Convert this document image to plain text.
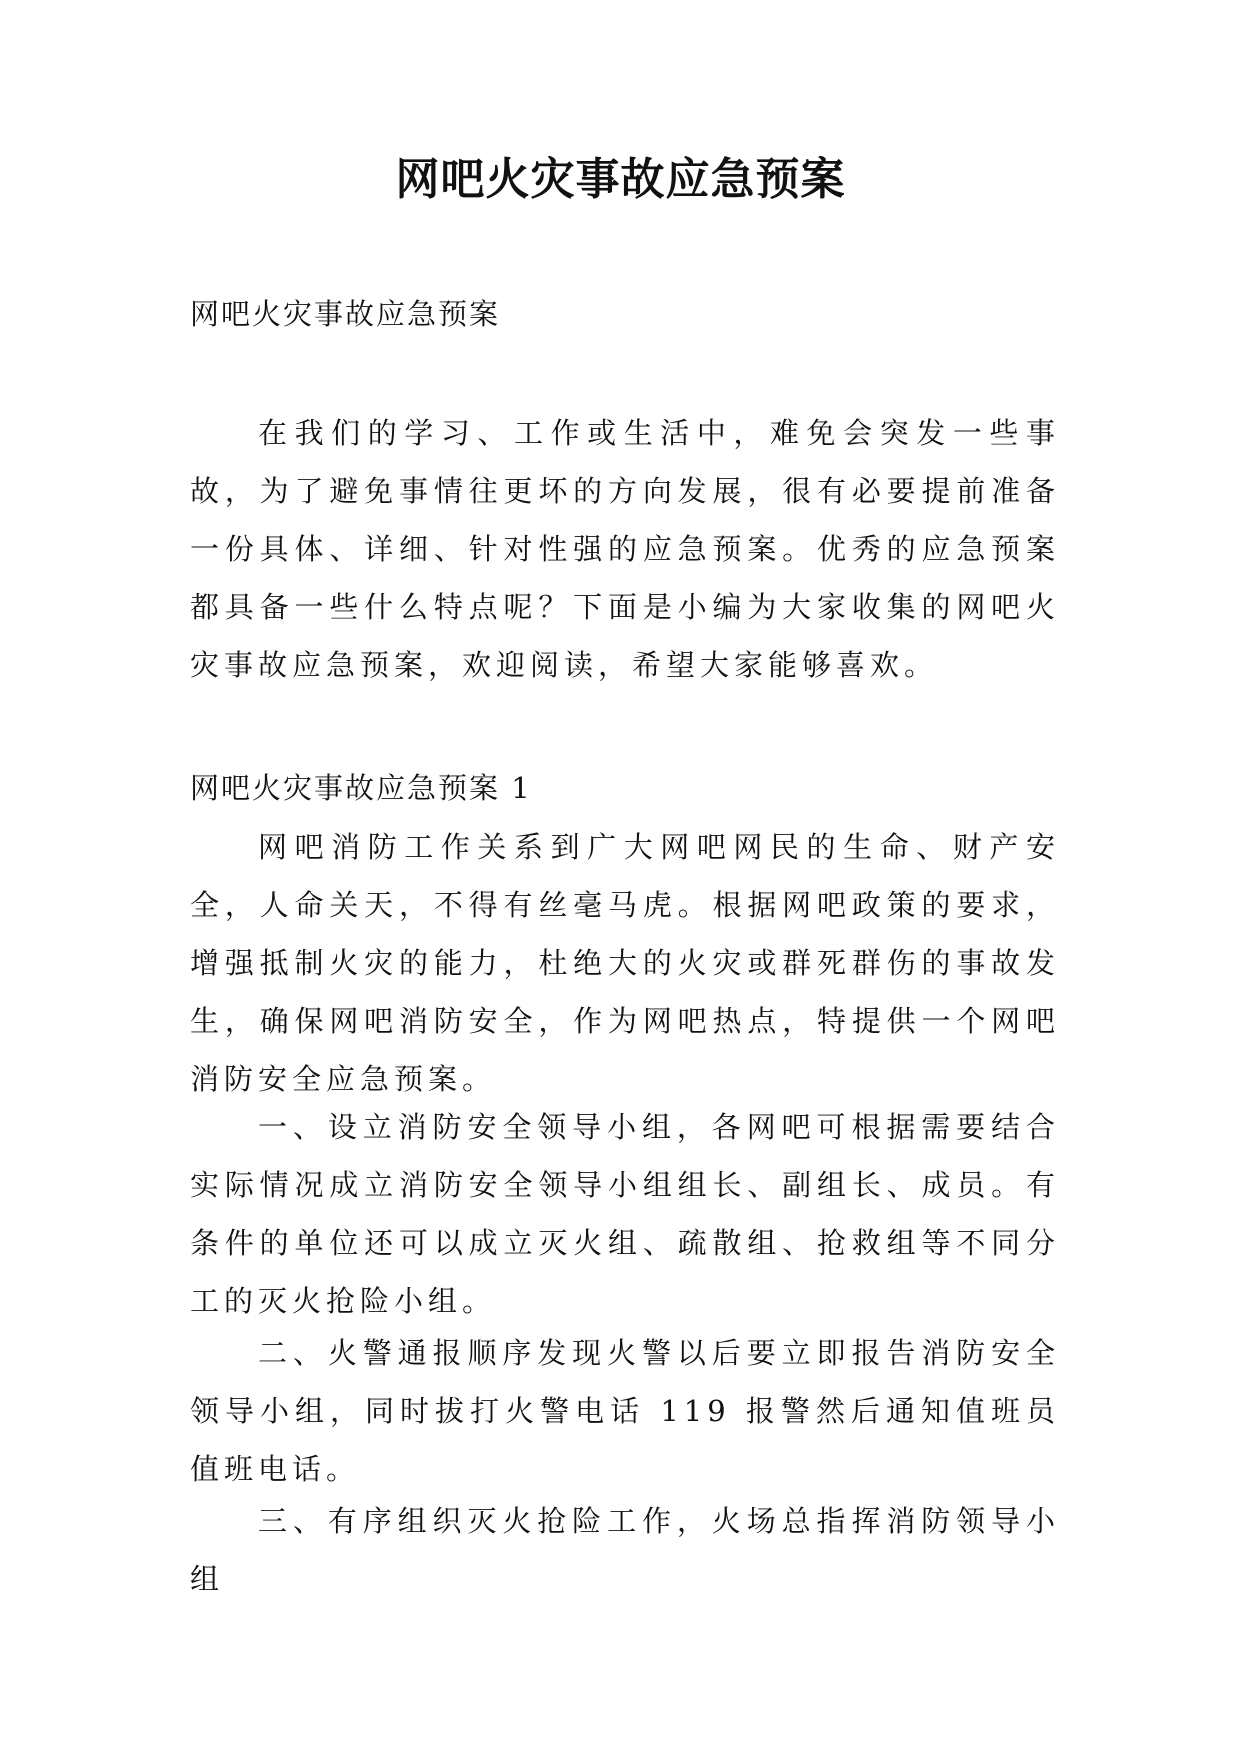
网吧火灾事故应急预案

网吧火灾事故应急预案

在我们的学习、工作或生活中，难免会突发一些事故，为了避免事情往更坏的方向发展，很有必要提前准备一份具体、详细、针对性强的应急预案。优秀的应急预案都具备一些什么特点呢？下面是小编为大家收集的网吧火灾事故应急预案，欢迎阅读，希望大家能够喜欢。

网吧火灾事故应急预案 1

网吧消防工作关系到广大网吧网民的生命、财产安全，人命关天，不得有丝毫马虎。根据网吧政策的要求，增强抵制火灾的能力，杜绝大的火灾或群死群伤的事故发生，确保网吧消防安全，作为网吧热点，特提供一个网吧消防安全应急预案。

一、设立消防安全领导小组，各网吧可根据需要结合实际情况成立消防安全领导小组组长、副组长、成员。有条件的单位还可以成立灭火组、疏散组、抢救组等不同分工的灭火抢险小组。

二、火警通报顺序发现火警以后要立即报告消防安全领导小组，同时拔打火警电话 119 报警然后通知值班员值班电话。

三、有序组织灭火抢险工作，火场总指挥消防领导小组
